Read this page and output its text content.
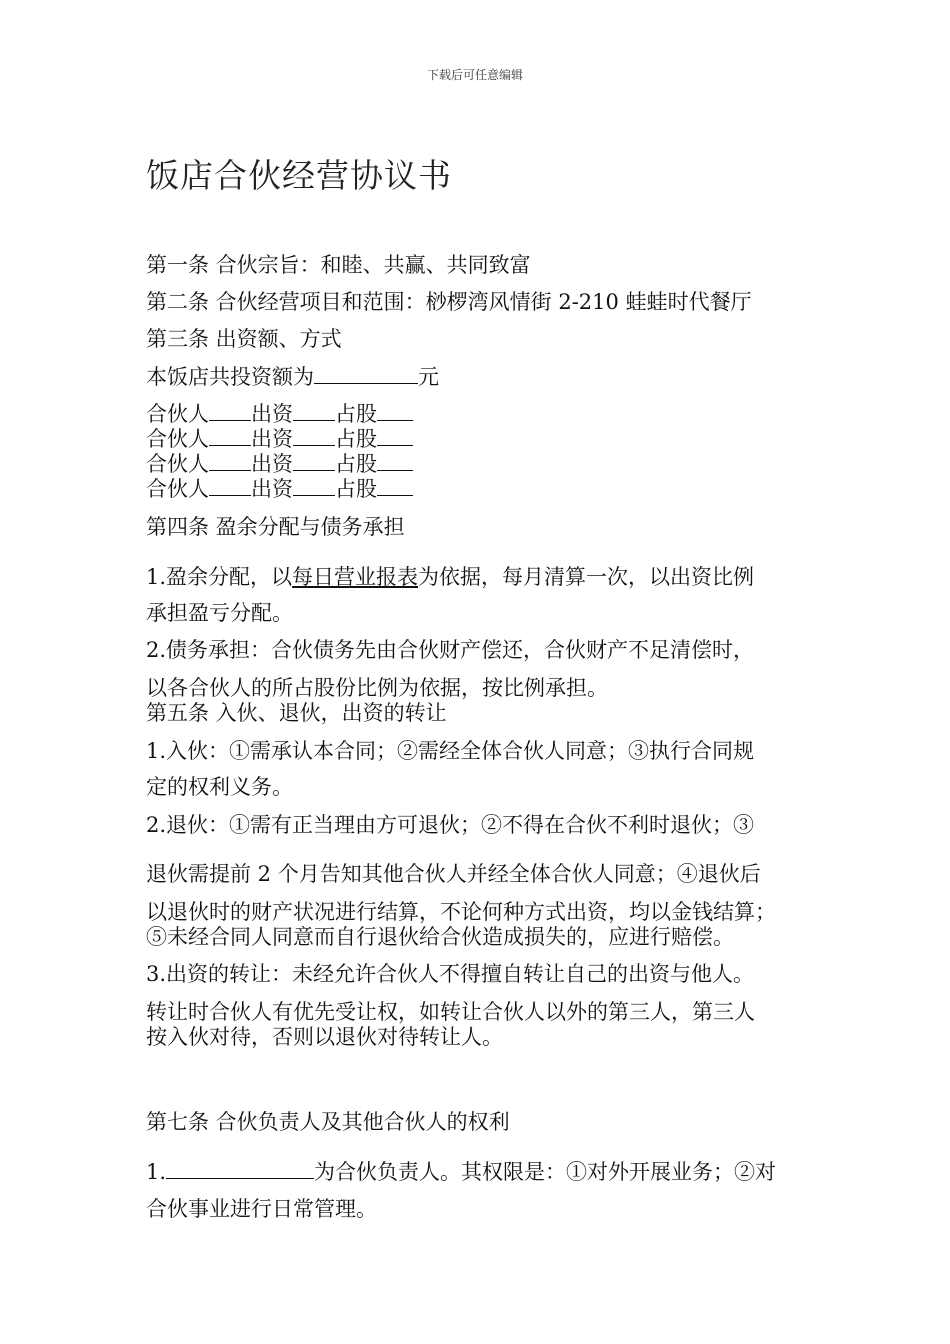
下载后可任意编辑
饭店合伙经营协议书
第一条 合伙宗旨：和睦、共赢、共同致富
第二条 合伙经营项目和范围：桫椤湾风情街 2-210 蛙蛙时代餐厅
第三条 出资额、方式
本饭店共投资额为	元
合伙人 出资 占股
合伙人 出资 占股
合伙人 出资 占股
合伙人 出资 占股
第四条 盈余分配与债务承担
1.盈余分配，以每日营业报表为依据，每月清算一次，以出资比例
承担盈亏分配。
2.债务承担：合伙债务先由合伙财产偿还，合伙财产不足清偿时，
以各合伙人的所占股份比例为依据，按比例承担。
第五条 入伙、退伙，出资的转让
1.入伙：①需承认本合同；②需经全体合伙人同意；③执行合同规
定的权利义务。
2.退伙：①需有正当理由方可退伙；②不得在合伙不利时退伙；③
退伙需提前 2 个月告知其他合伙人并经全体合伙人同意；④退伙后
以退伙时的财产状况进行结算，不论何种方式出资，均以金钱结算；
⑤未经合同人同意而自行退伙给合伙造成损失的，应进行赔偿。
3.出资的转让：未经允许合伙人不得擅自转让自己的出资与他人。
转让时合伙人有优先受让权，如转让合伙人以外的第三人，第三人
按入伙对待，否则以退伙对待转让人。
第七条 合伙负责人及其他合伙人的权利
1.	为合伙负责人。其权限是：①对外开展业务；②对
合伙事业进行日常管理。
